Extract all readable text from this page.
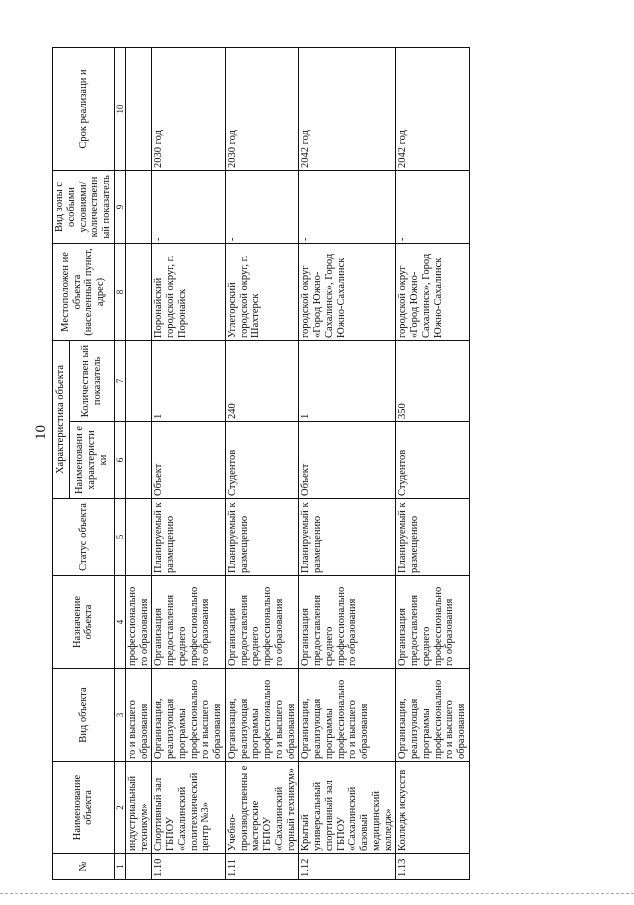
10
№	Наименование объекта	Вид объекта	Назначение объекта	Статус объекта	Характеристика объекта		Местоположен ие объекта (населенный пункт, адрес)	Вид зоны с особыми условиями/ количественн ый показатель	Срок реализаци и
					Наименовани е характеристи ки	Количествен ый показатель			
1	2	3	4	5	6	7	8	9	10
	индустриальный техникум»	го и высшего образования	профессионально го образования						
1.10	Спортивный зал ГБПОУ «Сахалинский политехнический центр №3»	Организация, реализующая программы профессионально го и высшего образования	Организация предоставления среднего профессионально го образования	Планируемый к размещению	Объект	1	Поронайский городской округ, г. Поронайск	-	2030 год
1.11	Учебно-производственны е мастерские ГБПОУ «Сахалинский горный техникум»	Организация, реализующая программы профессионально го и высшего образования	Организация предоставления среднего профессионально го образования	Планируемый к размещению	Студентов	240	Углегорский городской округ, г. Шахтерск	-	2030 год
1.12	Крытый универсальный спортивный зал ГБПОУ «Сахалинский базовый медицинский колледж»	Организация, реализующая программы профессионально го и высшего образования	Организация предоставления среднего профессионально го образования	Планируемый к размещению	Объект	1	городской округ «Город Южно-Сахалинск», Город Южно-Сахалинск	-	2042 год
1.13	Колледж искусств	Организация, реализующая программы профессионально го и высшего образования	Организация предоставления среднего профессионально го образования	Планируемый к размещению	Студентов	350	городской округ «Город Южно-Сахалинск», Город Южно-Сахалинск	-	2042 год
